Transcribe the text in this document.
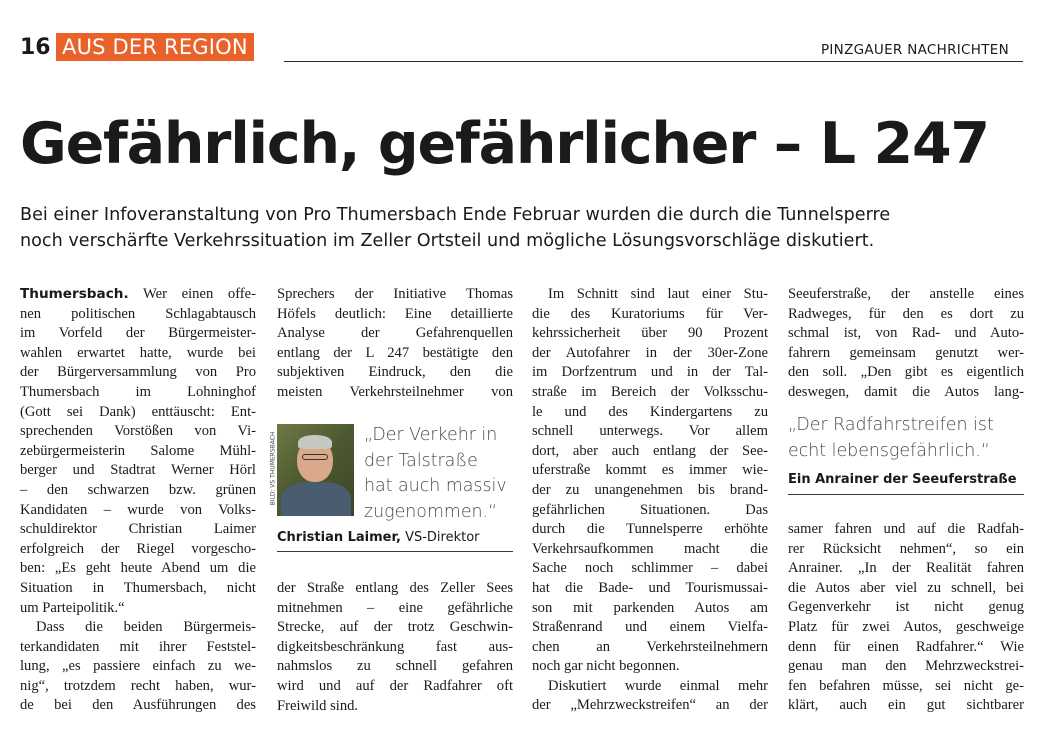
16 AUS DER REGION	PINZGAUER NACHRICHTEN
Gefährlich, gefährlicher – L 247

Bei einer Infoveranstaltung von Pro Thumersbach Ende Februar wurden die durch die Tunnelsperre
noch verschärfte Verkehrssituation im Zeller Ortsteil und mögliche Lösungsvorschläge diskutiert.

Thumersbach. Wer einen offe-
nen politischen Schlagabtausch
im Vorfeld der Bürgermeister-
wahlen erwartet hatte, wurde bei
der Bürgerversammlung von Pro
Thumersbach im Lohninghof
(Gott sei Dank) enttäuscht: Ent-
sprechenden Vorstößen von Vi-
zebürgermeisterin Salome Mühl-
berger und Stadtrat Werner Hörl
– den schwarzen bzw. grünen
Kandidaten – wurde von Volks-
schuldirektor Christian Laimer
erfolgreich der Riegel vorgescho-
ben: „Es geht heute Abend um die
Situation in Thumersbach, nicht
um Parteipolitik.“
Dass die beiden Bürgermeis-
terkandidaten mit ihrer Feststel-
lung, „es passiere einfach zu we-
nig“, trotzdem recht haben, wur-
de bei den Ausführungen des

Sprechers der Initiative Thomas
Höfels deutlich: Eine detaillierte
Analyse der Gefahrenquellen
entlang der L 247 bestätigte den
subjektiven Eindruck, den die
meisten Verkehrsteilnehmer von

BILD: VS THUMERSBACH	„Der Verkehr in
der Talstraße
hat auch massiv
zugenommen.“

Christian Laimer, VS-Direktor

der Straße entlang des Zeller Sees
mitnehmen – eine gefährliche
Strecke, auf der trotz Geschwin-
digkeitsbeschränkung fast aus-
nahmslos zu schnell gefahren
wird und auf der Radfahrer oft
Freiwild sind.

Im Schnitt sind laut einer Stu-
die des Kuratoriums für Ver-
kehrssicherheit über 90 Prozent
der Autofahrer in der 30er-Zone
im Dorfzentrum und in der Tal-
straße im Bereich der Volksschu-
le und des Kindergartens zu
schnell unterwegs. Vor allem
dort, aber auch entlang der See-
uferstraße kommt es immer wie-
der zu unangenehmen bis brand-
gefährlichen Situationen. Das
durch die Tunnelsperre erhöhte
Verkehrsaufkommen macht die
Sache noch schlimmer – dabei
hat die Bade- und Tourismussai-
son mit parkenden Autos am
Straßenrand und einem Vielfa-
chen an Verkehrsteilnehmern
noch gar nicht begonnen.
Diskutiert wurde einmal mehr
der „Mehrzweckstreifen“ an der

Seeuferstraße, der anstelle eines
Radweges, für den es dort zu
schmal ist, von Rad- und Auto-
fahrern gemeinsam genutzt wer-
den soll. „Den gibt es eigentlich
deswegen, damit die Autos lang-

„Der Radfahrstreifen ist
echt lebensgefährlich.“

Ein Anrainer der Seeuferstraße

samer fahren und auf die Radfah-
rer Rücksicht nehmen“, so ein
Anrainer. „In der Realität fahren
die Autos aber viel zu schnell, bei
Gegenverkehr ist nicht genug
Platz für zwei Autos, geschweige
denn für einen Radfahrer.“ Wie
genau man den Mehrzweckstrei-
fen befahren müsse, sei nicht ge-
klärt, auch ein gut sichtbarer
